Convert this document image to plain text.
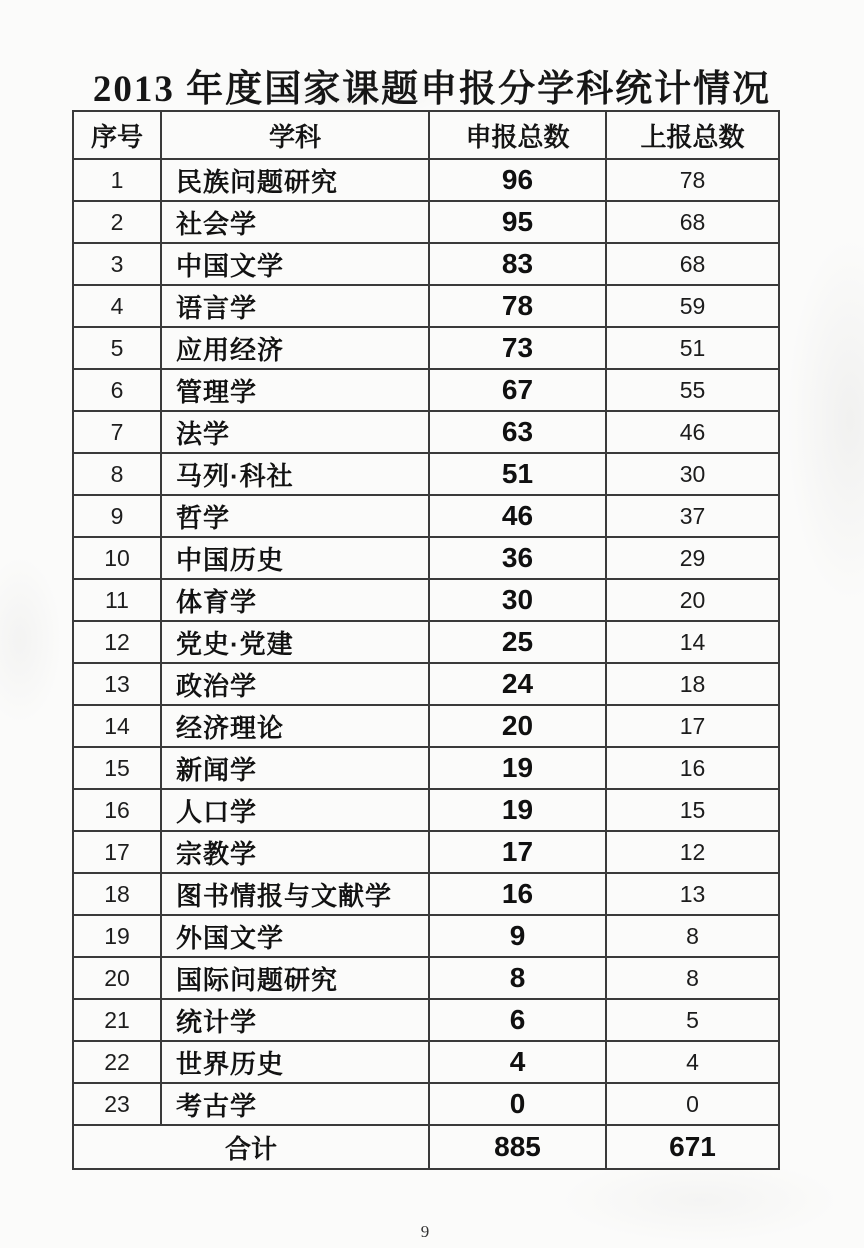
2013 年度国家课题申报分学科统计情况
序号	学科	申报总数	上报总数
1	民族问题研究	96	78
2	社会学	95	68
3	中国文学	83	68
4	语言学	78	59
5	应用经济	73	51
6	管理学	67	55
7	法学	63	46
8	马列·科社	51	30
9	哲学	46	37
10	中国历史	36	29
11	体育学	30	20
12	党史·党建	25	14
13	政治学	24	18
14	经济理论	20	17
15	新闻学	19	16
16	人口学	19	15
17	宗教学	17	12
18	图书情报与文献学	16	13
19	外国文学	9	8
20	国际问题研究	8	8
21	统计学	6	5
22	世界历史	4	4
23	考古学	0	0
合计		885	671
9
